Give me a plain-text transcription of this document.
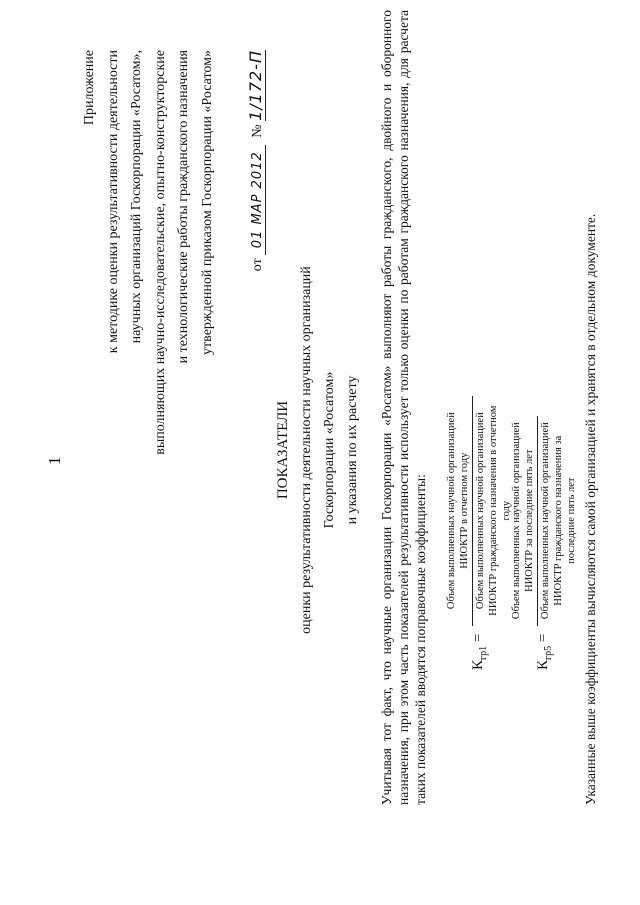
1
Приложение к методике оценки результативности деятельности научных организаций Госкорпорации «Росатом», выполняющих научно-исследовательские, опытно-конструкторские и технологические работы гражданского назначения утвержденной приказом Госкорпорации «Росатом»	от 01 МАР 2012  № 1/172-П
ПОКАЗАТЕЛИ оценки результативности деятельности научных организаций Госкорпорации «Росатом» и указания по их расчету Учитывая тот факт, что научные организации Госкорпорации «Росатом» выполняют работы гражданского, двойного и оборонного назначения, при этом часть показателей результативности использует только оценки по работам гражданского назначения, для расчета таких показателей вводятся поправочные коэффициенты:	$К_{гр1}$ =
Объем выполненных научной организацией НИОКТР в отчетном году Объем выполненных научной организацией НИОКТР гражданского назначения в отчетном году
$К_{гр5}$ =
Объем выполненных научной организацией НИОКТР за последние пять лет Объем выполненных научной организацией НИОКТР гражданского назначения за последние пять лет Указанные выше коэффициенты вычисляются самой организацией и хранятся в отдельном документе.
